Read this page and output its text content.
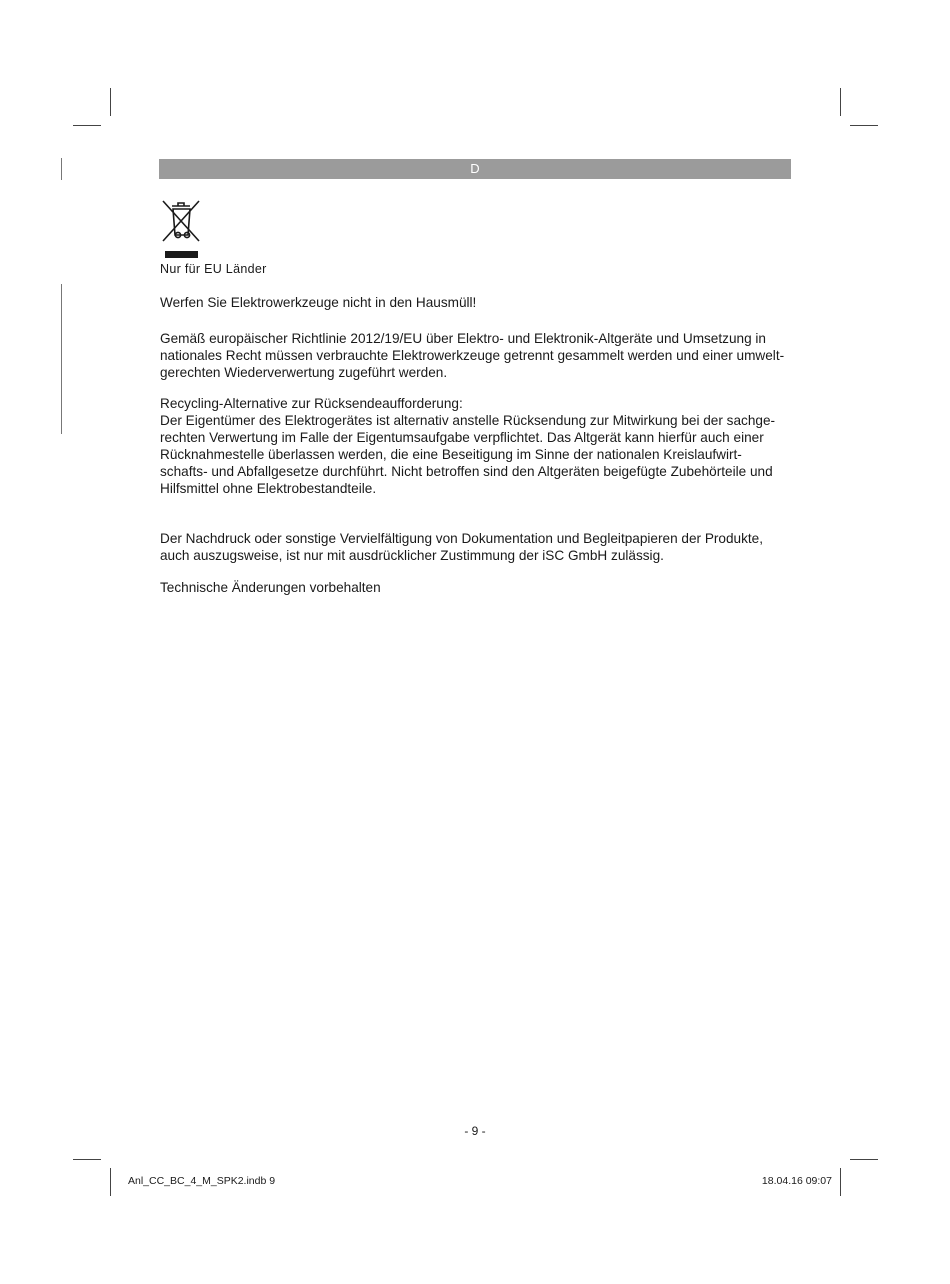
D
Nur für EU Länder

Werfen Sie Elektrowerkzeuge nicht in den Hausmüll!

Gemäß europäischer Richtlinie 2012/19/EU über Elektro- und Elektronik-Altgeräte und Umsetzung in
nationales Recht müssen verbrauchte Elektrowerkzeuge getrennt gesammelt werden und einer umwelt-
gerechten Wiederverwertung zugeführt werden.

Recycling-Alternative zur Rücksendeaufforderung:
Der Eigentümer des Elektrogerätes ist alternativ anstelle Rücksendung zur Mitwirkung bei der sachge-
rechten Verwertung im Falle der Eigentumsaufgabe verpflichtet. Das Altgerät kann hierfür auch einer
Rücknahmestelle überlassen werden, die eine Beseitigung im Sinne der nationalen Kreislaufwirt-
schafts- und Abfallgesetze durchführt. Nicht betroffen sind den Altgeräten beigefügte Zubehörteile und
Hilfsmittel ohne Elektrobestandteile.

Der Nachdruck oder sonstige Vervielfältigung von Dokumentation und Begleitpapieren der Produkte,
auch auszugsweise, ist nur mit ausdrücklicher Zustimmung der iSC GmbH zulässig.

Technische Änderungen vorbehalten

- 9 -
Anl_CC_BC_4_M_SPK2.indb 9	18.04.16 09:07
